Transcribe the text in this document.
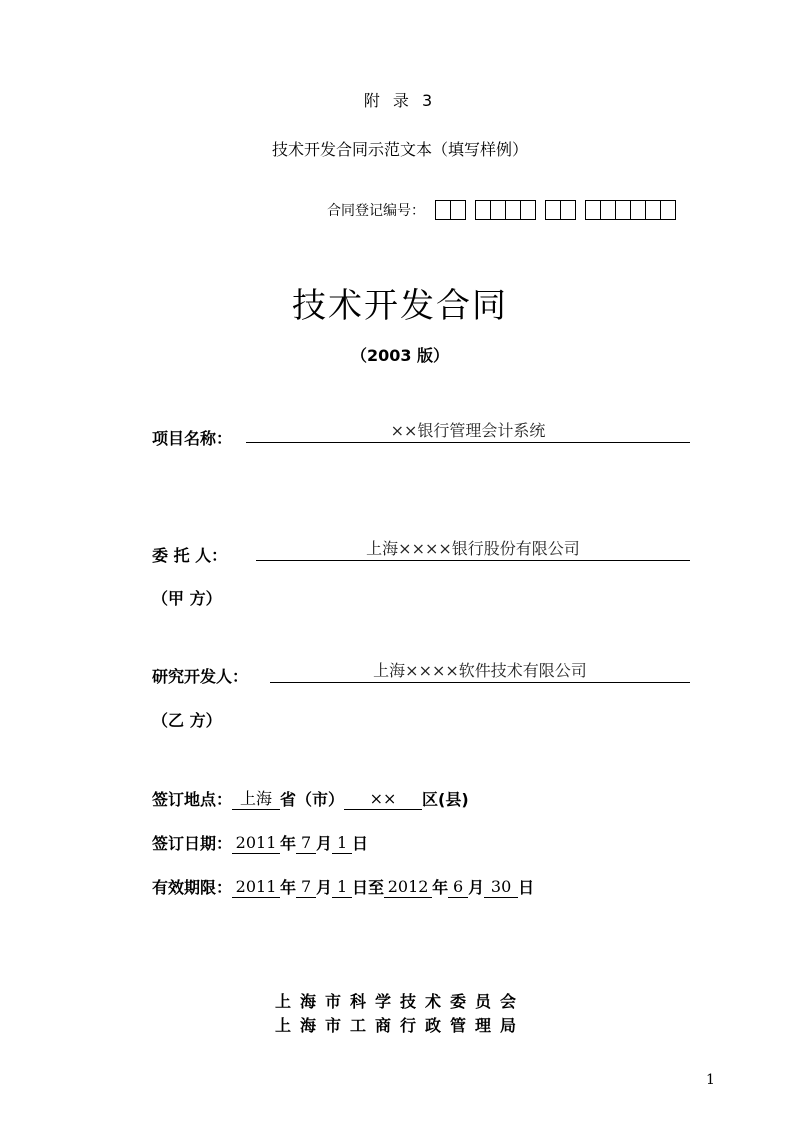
附 录 3
技术开发合同示范文本（填写样例）
合同登记编号：
技术开发合同
（2003 版）
项目名称：	××银行管理会计系统
委 托 人：	上海××××银行股份有限公司
（甲 方）
研究开发人：	上海××××软件技术有限公司
（乙 方）
签订地点： 上海 省（市）	××	区(县)
签订日期： 2011 年 7 月 1 日
有效期限： 2011 年 7 月 1 日至 2012 年 6 月 30 日
上海市科学技术委员会
上海市工商行政管理局
1
